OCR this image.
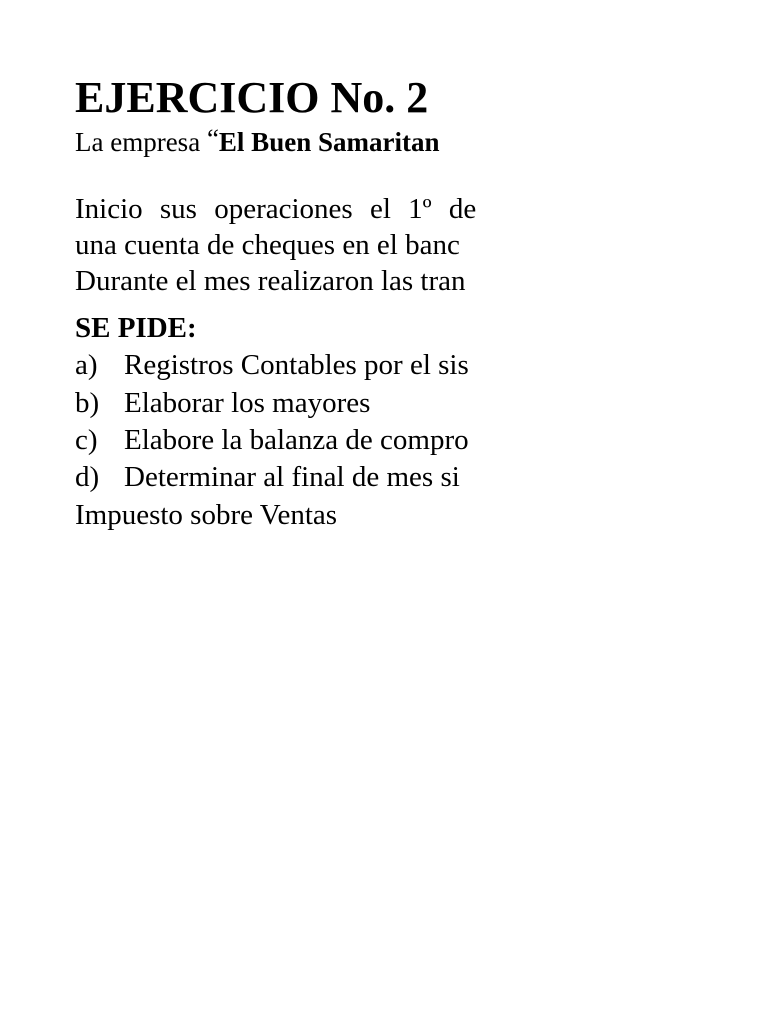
EJERCICIO No. 2
La empresa “El Buen Samaritan
Inicio sus operaciones el 1º de
una cuenta de cheques en el banc
Durante el mes realizaron las tran
SE PIDE:
a) Registros Contables por el sis
b) Elaborar los mayores
c) Elabore la balanza de compro
d) Determinar al final de mes si
Impuesto sobre Ventas
